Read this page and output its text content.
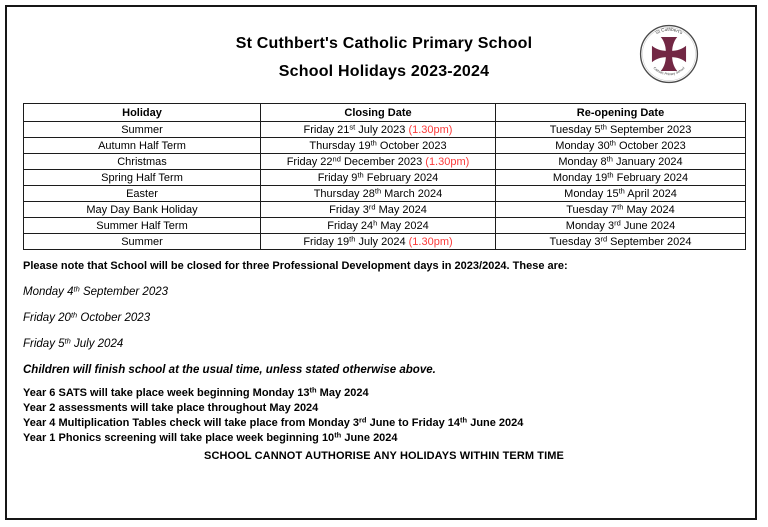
St Cuthbert's Catholic Primary School
School Holidays 2023-2024
St Cuthbert's
Catholic Primary School
Holiday	Closing Date	Re-opening Date
Summer	Friday 21st July 2023 (1.30pm)	Tuesday 5th September 2023
Autumn Half Term	Thursday 19th October 2023	Monday 30th October 2023
Christmas	Friday 22nd December 2023 (1.30pm)	Monday 8th January 2024
Spring Half Term	Friday 9th February 2024	Monday 19th February 2024
Easter	Thursday 28th March 2024	Monday 15th April 2024
May Day Bank Holiday	Friday 3rd May 2024	Tuesday 7th May 2024
Summer Half Term	Friday 24$^h$ May 2024	Monday 3rd June 2024
Summer	Friday 19th July 2024 (1.30pm)	Tuesday 3rd September 2024

Please note that School will be closed for three Professional Development days in 2023/2024. These are:

Monday 4th September 2023

Friday 20th October 2023

Friday 5th July 2024

Children will finish school at the usual time, unless stated otherwise above.

Year 6 SATS will take place week beginning Monday 13th May 2024

Year 2 assessments will take place throughout May 2024

Year 4 Multiplication Tables check will take place from Monday 3rd June to Friday 14th June 2024

Year 1 Phonics screening will take place week beginning 10th June 2024

SCHOOL CANNOT AUTHORISE ANY HOLIDAYS WITHIN TERM TIME
